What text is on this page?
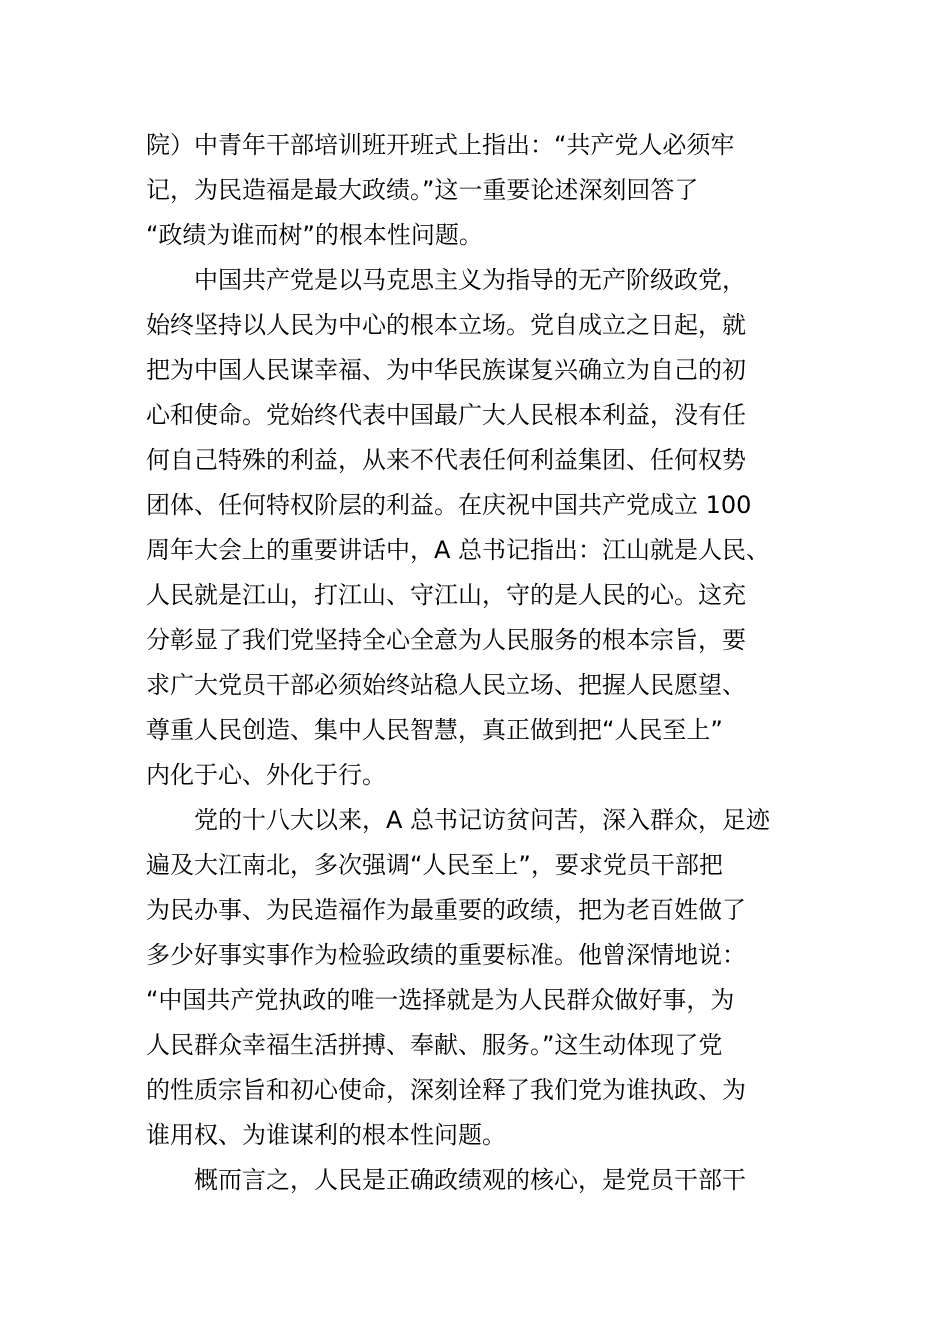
院）中青年干部培训班开班式上指出：“共产党人必须牢
记，为民造福是最大政绩。”这一重要论述深刻回答了
“政绩为谁而树”的根本性问题。
中国共产党是以马克思主义为指导的无产阶级政党，
始终坚持以人民为中心的根本立场。党自成立之日起，就
把为中国人民谋幸福、为中华民族谋复兴确立为自己的初
心和使命。党始终代表中国最广大人民根本利益，没有任
何自己特殊的利益，从来不代表任何利益集团、任何权势
团体、任何特权阶层的利益。在庆祝中国共产党成立 100
周年大会上的重要讲话中，A 总书记指出：江山就是人民、
人民就是江山，打江山、守江山，守的是人民的心。这充
分彰显了我们党坚持全心全意为人民服务的根本宗旨，要
求广大党员干部必须始终站稳人民立场、把握人民愿望、
尊重人民创造、集中人民智慧，真正做到把“人民至上”
内化于心、外化于行。
党的十八大以来，A 总书记访贫问苦，深入群众，足迹
遍及大江南北，多次强调“人民至上”，要求党员干部把
为民办事、为民造福作为最重要的政绩，把为老百姓做了
多少好事实事作为检验政绩的重要标准。他曾深情地说：
“中国共产党执政的唯一选择就是为人民群众做好事，为
人民群众幸福生活拼搏、奉献、服务。”这生动体现了党
的性质宗旨和初心使命，深刻诠释了我们党为谁执政、为
谁用权、为谁谋利的根本性问题。
概而言之，人民是正确政绩观的核心，是党员干部干
